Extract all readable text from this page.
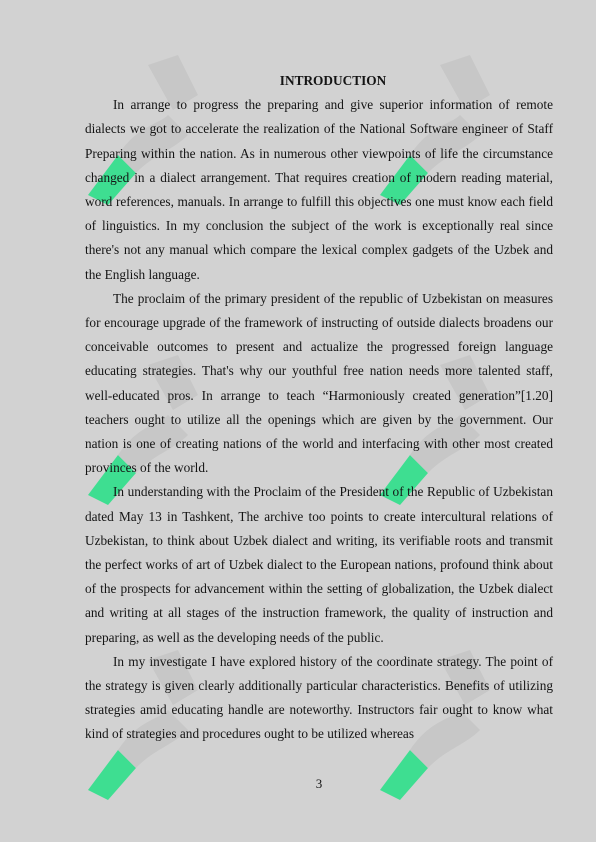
INTRODUCTION

In arrange to progress the preparing and give superior information of remote dialects we got to accelerate the realization of the National Software engineer of Staff Preparing within the nation. As in numerous other viewpoints of life the circumstance changed in a dialect arrangement. That requires creation of modern reading material, word references, manuals. In arrange to fulfill this objectives one must know each field of linguistics. In my conclusion the subject of the work is exceptionally real since there's not any manual which compare the lexical complex gadgets of the Uzbek and the English language.

The proclaim of the primary president of the republic of Uzbekistan on measures for encourage upgrade of the framework of instructing of outside dialects broadens our conceivable outcomes to present and actualize the progressed foreign language educating strategies. That's why our youthful free nation needs more talented staff, well-educated pros. In arrange to teach “Harmoniously created generation”[1.20] teachers ought to utilize all the openings which are given by the government. Our nation is one of creating nations of the world and interfacing with other most created provinces of the world.

In understanding with the Proclaim of the President of the Republic of Uzbekistan dated May 13 in Tashkent, The archive too points to create intercultural relations of Uzbekistan, to think about Uzbek dialect and writing, its verifiable roots and transmit the perfect works of art of Uzbek dialect to the European nations, profound think about of the prospects for advancement within the setting of globalization, the Uzbek dialect and writing at all stages of the instruction framework, the quality of instruction and preparing, as well as the developing needs of the public.

In my investigate I have explored history of the coordinate strategy. The point of the strategy is given clearly additionally particular characteristics. Benefits of utilizing strategies amid educating handle are noteworthy. Instructors fair ought to know what kind of strategies and procedures ought to be utilized whereas

3
